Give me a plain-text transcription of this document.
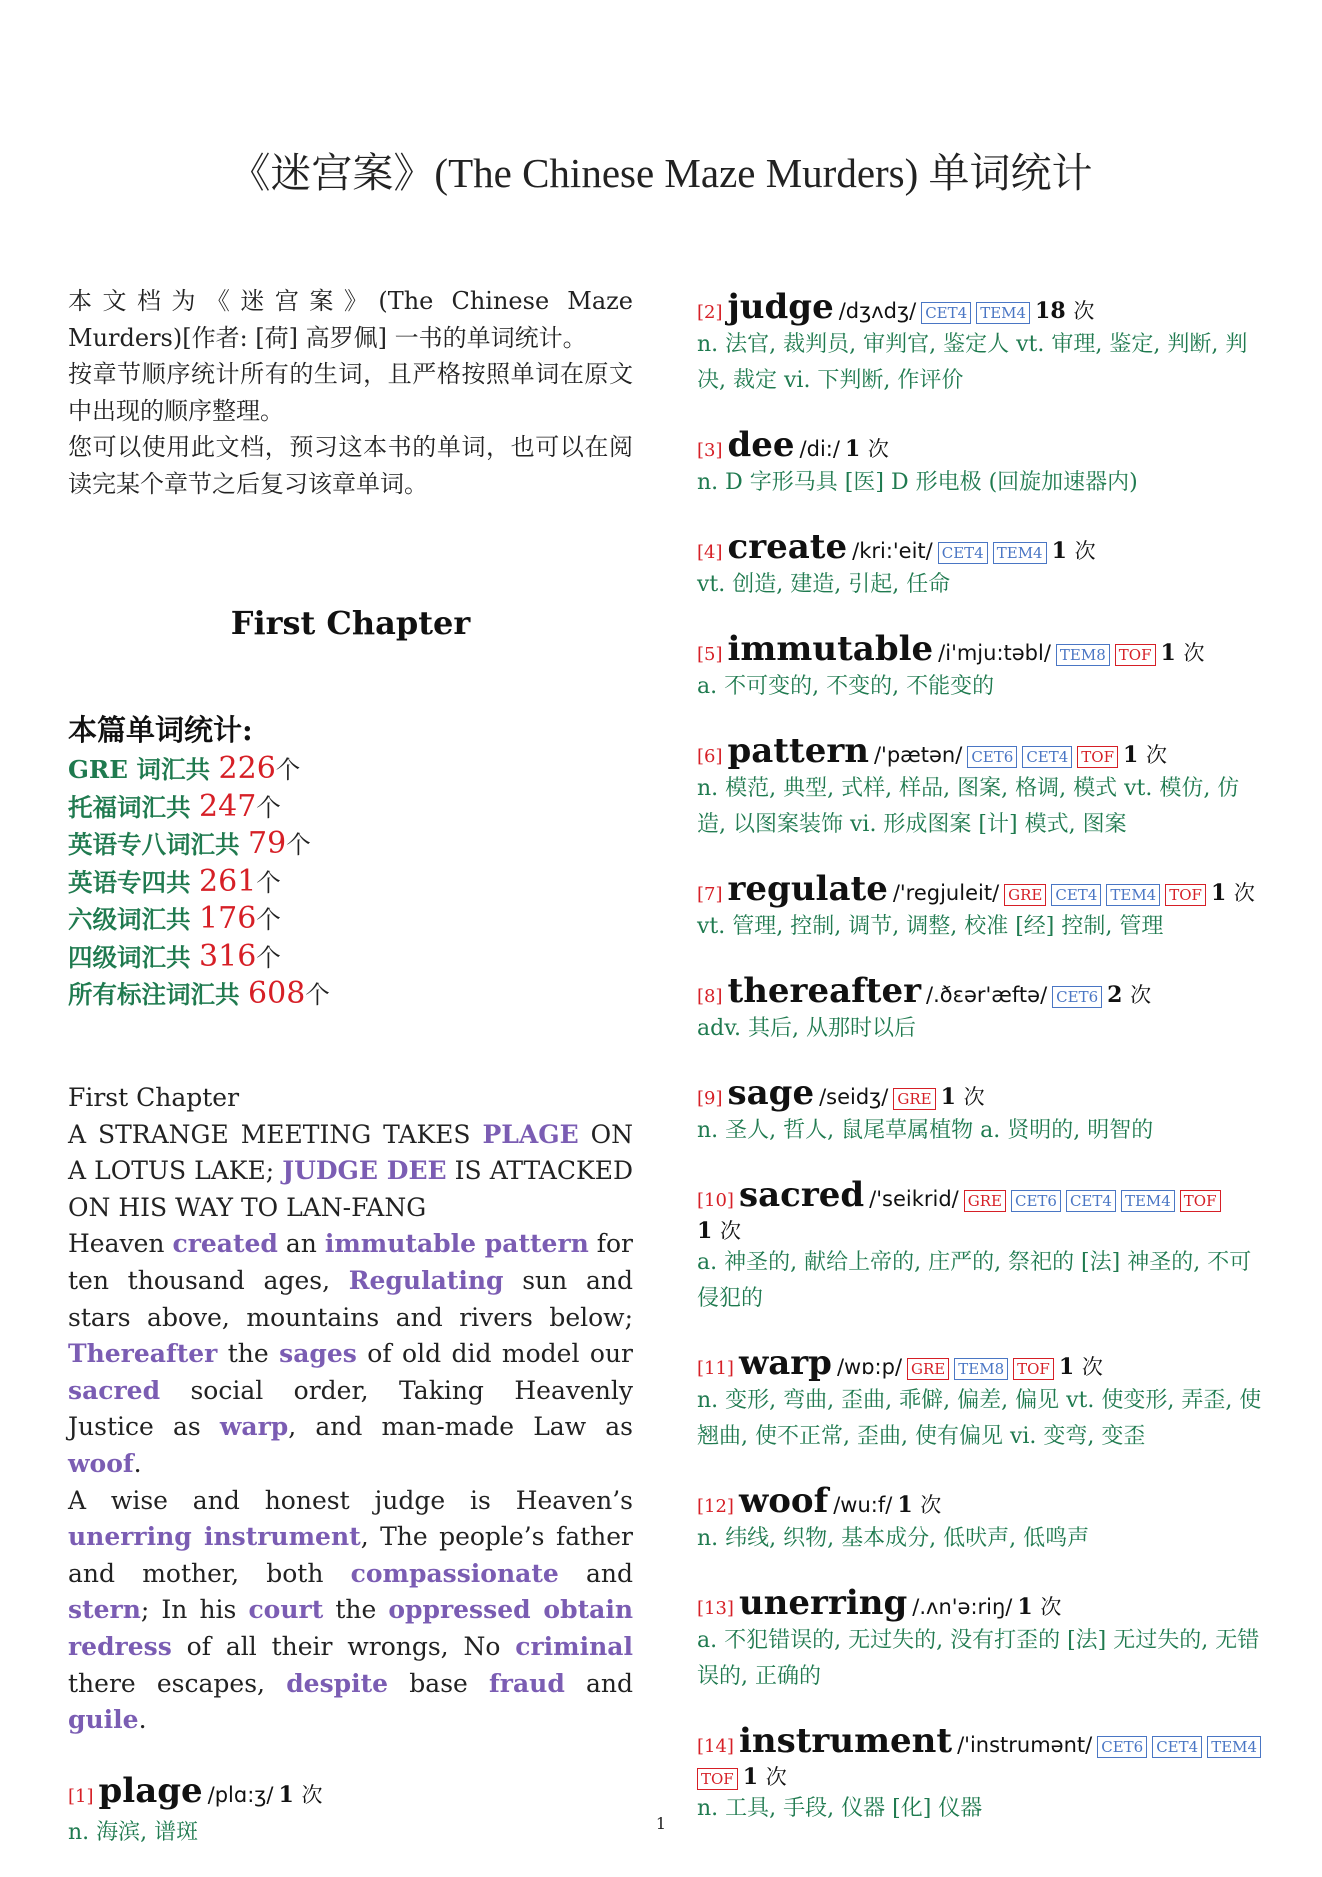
《迷宫案》(The Chinese Maze Murders) 单词统计

本文档为《迷宫案》(The Chinese Maze Murders)[作者: [荷] 高罗佩] 一书的单词统计。

按章节顺序统计所有的生词，且严格按照单词在原文中出现的顺序整理。

您可以使用此文档，预习这本书的单词，也可以在阅读完某个章节之后复习该章单词。

First Chapter
本篇单词统计:
GRE 词汇共 226个
托福词汇共 247个
英语专八词汇共 79个
英语专四共 261个
六级词汇共 176个
四级词汇共 316个
所有标注词汇共 608个
First Chapter
A STRANGE MEETING TAKES PLAGE ON A LOTUS LAKE; JUDGE DEE IS ATTACKED ON HIS WAY TO LAN-FANG
Heaven created an immutable pattern for ten thousand ages, Regulating sun and stars above, mountains and rivers below; Thereafter the sages of old did model our sacred social order, Taking Heavenly Justice as warp, and man-made Law as woof.
A wise and honest judge is Heaven’s unerring instrument, The people’s father and mother, both compassionate and stern; In his court the oppressed obtain redress of all their wrongs, No criminal there escapes, despite base fraud and guile.
[1] plage /plɑ:ʒ/ 1 次

n. 海滨, 谱斑

[2] judge /dʒʌdʒ/ CET4 TEM4 18 次

n. 法官, 裁判员, 审判官, 鉴定人 vt. 审理, 鉴定, 判断, 判决, 裁定 vi. 下判断, 作评价

[3] dee /di:/ 1 次

n. D 字形马具 [医] D 形电极 (回旋加速器内)

[4] create /kri:'eit/ CET4 TEM4 1 次

vt. 创造, 建造, 引起, 任命

[5] immutable /i'mju:təbl/ TEM8 TOF 1 次

a. 不可变的, 不变的, 不能变的

[6] pattern /'pætən/ CET6 CET4 TOF 1 次

n. 模范, 典型, 式样, 样品, 图案, 格调, 模式 vt. 模仿, 仿造, 以图案装饰 vi. 形成图案 [计] 模式, 图案

[7] regulate /'regjuleit/ GRE CET4 TEM4 TOF 1 次

vt. 管理, 控制, 调节, 调整, 校准 [经] 控制, 管理

[8] thereafter /.ðɛər'æftə/ CET6 2 次

adv. 其后, 从那时以后

[9] sage /seidʒ/ GRE 1 次

n. 圣人, 哲人, 鼠尾草属植物 a. 贤明的, 明智的

[10] sacred /'seikrid/ GRE CET6 CET4 TEM4 TOF
1 次

a. 神圣的, 献给上帝的, 庄严的, 祭祀的 [法] 神圣的, 不可侵犯的

[11] warp /wɒ:p/ GRE TEM8 TOF 1 次

n. 变形, 弯曲, 歪曲, 乖僻, 偏差, 偏见 vt. 使变形, 弄歪, 使翘曲, 使不正常, 歪曲, 使有偏见 vi. 变弯, 变歪

[12] woof /wu:f/ 1 次

n. 纬线, 织物, 基本成分, 低吠声, 低鸣声

[13] unerring /.ʌn'ə:riŋ/ 1 次

a. 不犯错误的, 无过失的, 没有打歪的 [法] 无过失的, 无错误的, 正确的

[14] instrument /'instrumənt/ CET6 CET4 TEM4
TOF 1 次

n. 工具, 手段, 仪器 [化] 仪器

1
